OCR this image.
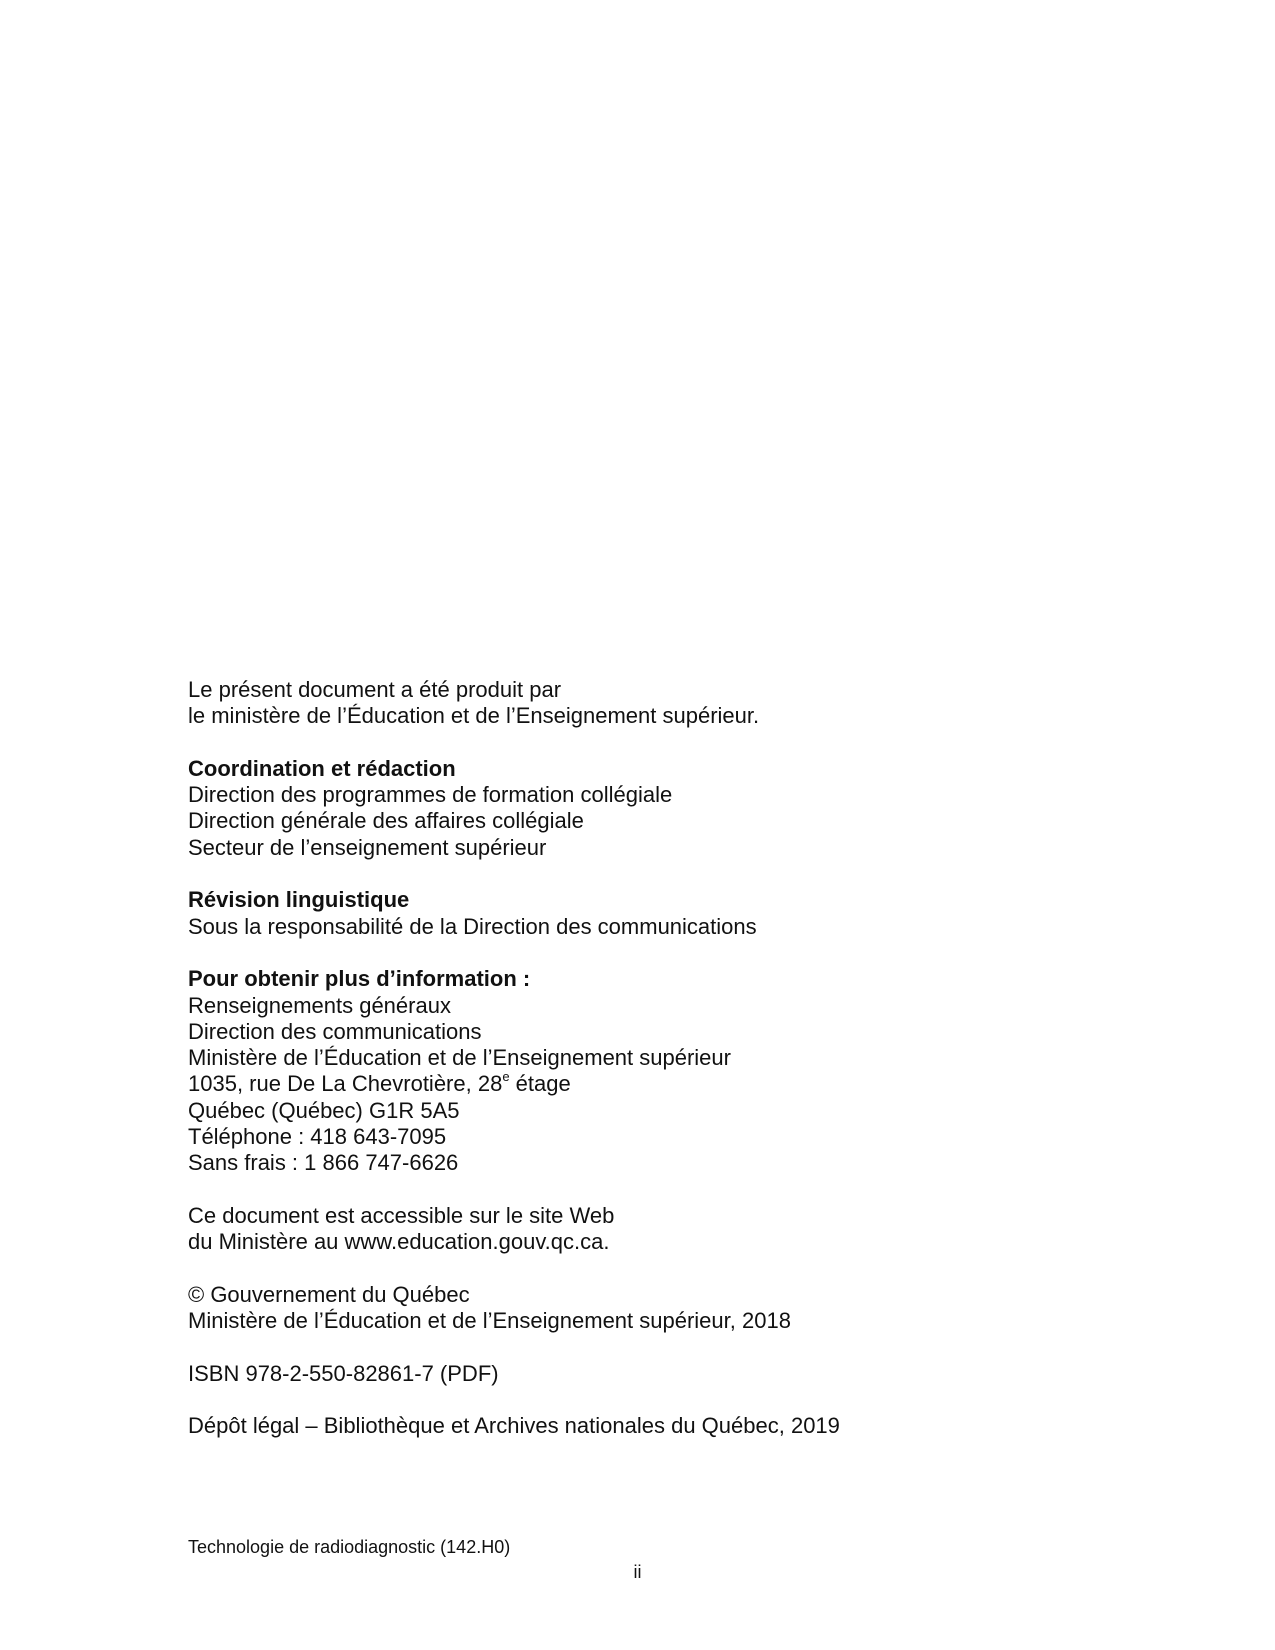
Le présent document a été produit par
le ministère de l’Éducation et de l’Enseignement supérieur.
Coordination et rédaction
Direction des programmes de formation collégiale
Direction générale des affaires collégiale
Secteur de l’enseignement supérieur
Révision linguistique
Sous la responsabilité de la Direction des communications
Pour obtenir plus d’information :
Renseignements généraux
Direction des communications
Ministère de l’Éducation et de l’Enseignement supérieur
1035, rue De La Chevrotière, 28e étage
Québec (Québec) G1R 5A5
Téléphone : 418 643-7095
Sans frais : 1 866 747-6626
Ce document est accessible sur le site Web
du Ministère au www.education.gouv.qc.ca.
© Gouvernement du Québec
Ministère de l’Éducation et de l’Enseignement supérieur, 2018
ISBN 978-2-550-82861-7 (PDF)
Dépôt légal – Bibliothèque et Archives nationales du Québec, 2019
Technologie de radiodiagnostic (142.H0)
ii
